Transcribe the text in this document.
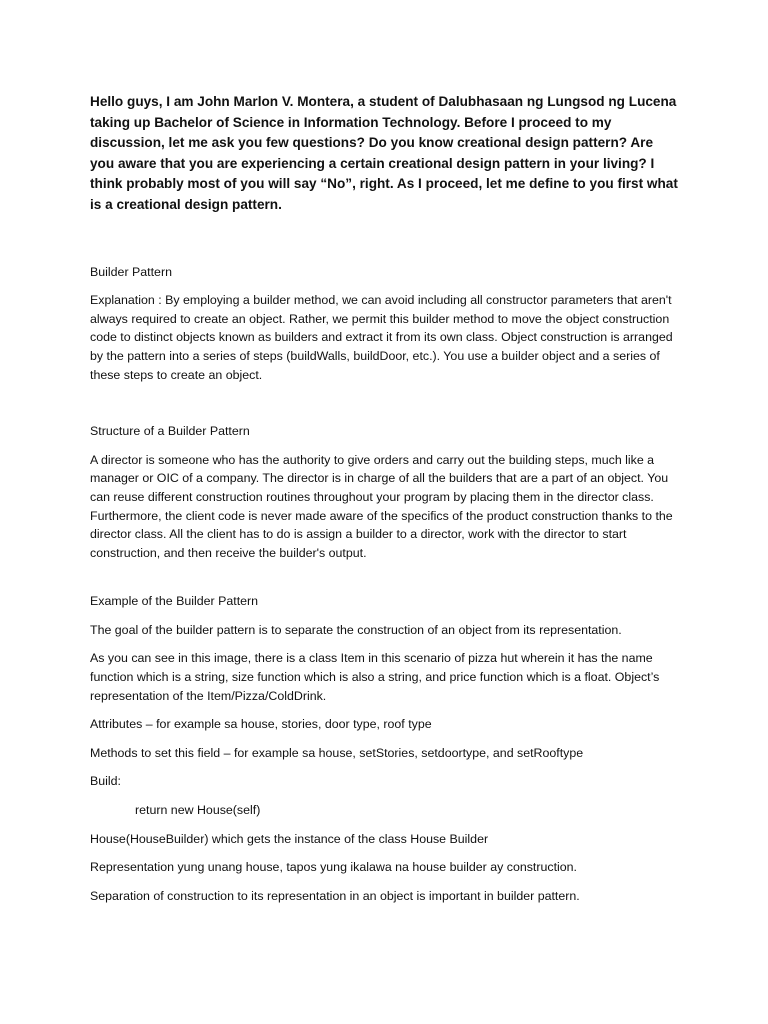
Hello guys, I am John Marlon V. Montera, a student of Dalubhasaan ng Lungsod ng Lucena taking up Bachelor of Science in Information Technology. Before I proceed to my discussion, let me ask you few questions? Do you know creational design pattern? Are you aware that you are experiencing a certain creational design pattern in your living? I think probably most of you will say “No”, right. As I proceed, let me define to you first what is a creational design pattern.

Builder Pattern

Explanation : By employing a builder method, we can avoid including all constructor parameters that aren't always required to create an object. Rather, we permit this builder method to move the object construction code to distinct objects known as builders and extract it from its own class. Object construction is arranged by the pattern into a series of steps (buildWalls, buildDoor, etc.). You use a builder object and a series of these steps to create an object.

Structure of a Builder Pattern

A director is someone who has the authority to give orders and carry out the building steps, much like a manager or OIC of a company. The director is in charge of all the builders that are a part of an object. You can reuse different construction routines throughout your program by placing them in the director class.

Furthermore, the client code is never made aware of the specifics of the product construction thanks to the director class. All the client has to do is assign a builder to a director, work with the director to start construction, and then receive the builder's output.

Example of the Builder Pattern

The goal of the builder pattern is to separate the construction of an object from its representation.

As you can see in this image, there is a class Item in this scenario of pizza hut wherein it has the name function which is a string, size function which is also a string, and price function which is a float. Object’s representation of the Item/Pizza/ColdDrink.

Attributes – for example sa house, stories, door type, roof type

Methods to set this field – for example sa house, setStories, setdoortype, and setRooftype

Build:

return new House(self)

House(HouseBuilder) which gets the instance of the class House Builder

Representation yung unang house, tapos yung ikalawa na house builder ay construction.

Separation of construction to its representation in an object is important in builder pattern.
